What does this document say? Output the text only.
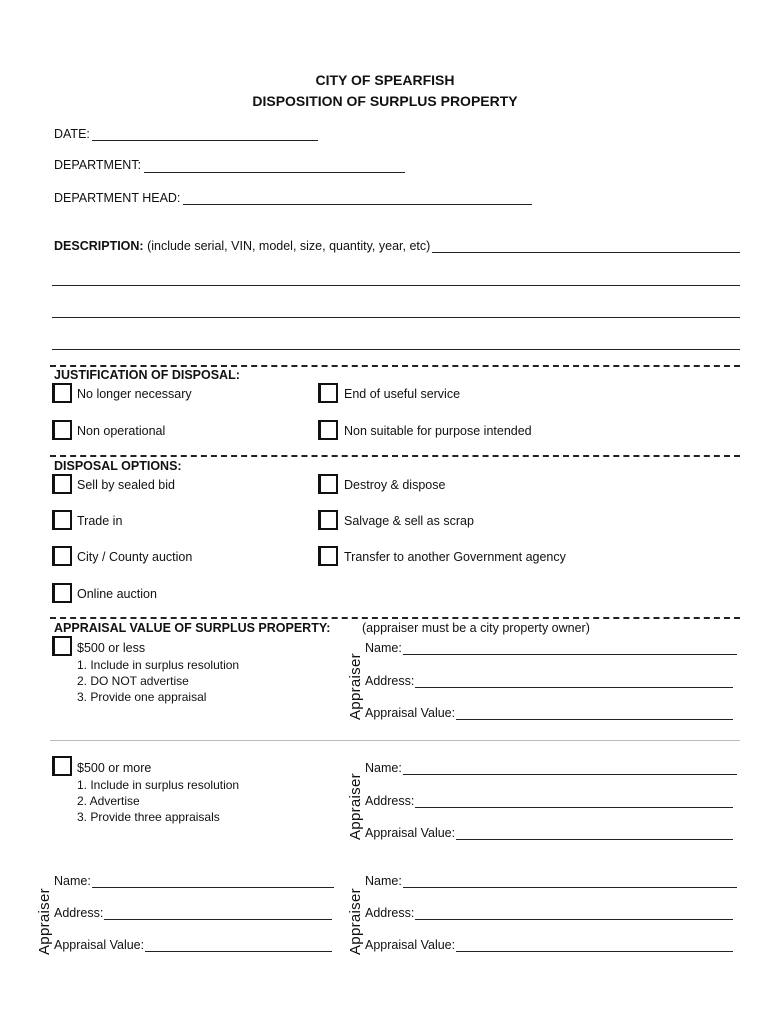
CITY OF SPEARFISH
DISPOSITION OF SURPLUS PROPERTY
DATE:
DEPARTMENT:
DEPARTMENT HEAD:
DESCRIPTION: (include serial, VIN, model, size, quantity, year, etc)
JUSTIFICATION OF DISPOSAL:
No longer necessary	End of useful service
Non operational	Non suitable for purpose intended
DISPOSAL OPTIONS:
Sell by sealed bid	Destroy & dispose
Trade in	Salvage & sell as scrap
City / County auction	Transfer to another Government agency
Online auction
APPRAISAL VALUE OF SURPLUS PROPERTY:	(appraiser must be a city property owner)
$500 or less
1. Include in surplus resolution
2. DO NOT advertise
3. Provide one appraisal	Appraiser
Name:
Address:
Appraisal Value:
$500 or more
1. Include in surplus resolution
2. Advertise
3. Provide three appraisals	Appraiser
Name:
Address:
Appraisal Value:
Appraiser
Name:
Address:
Appraisal Value:	Appraiser
Name:
Address:
Appraisal Value:
